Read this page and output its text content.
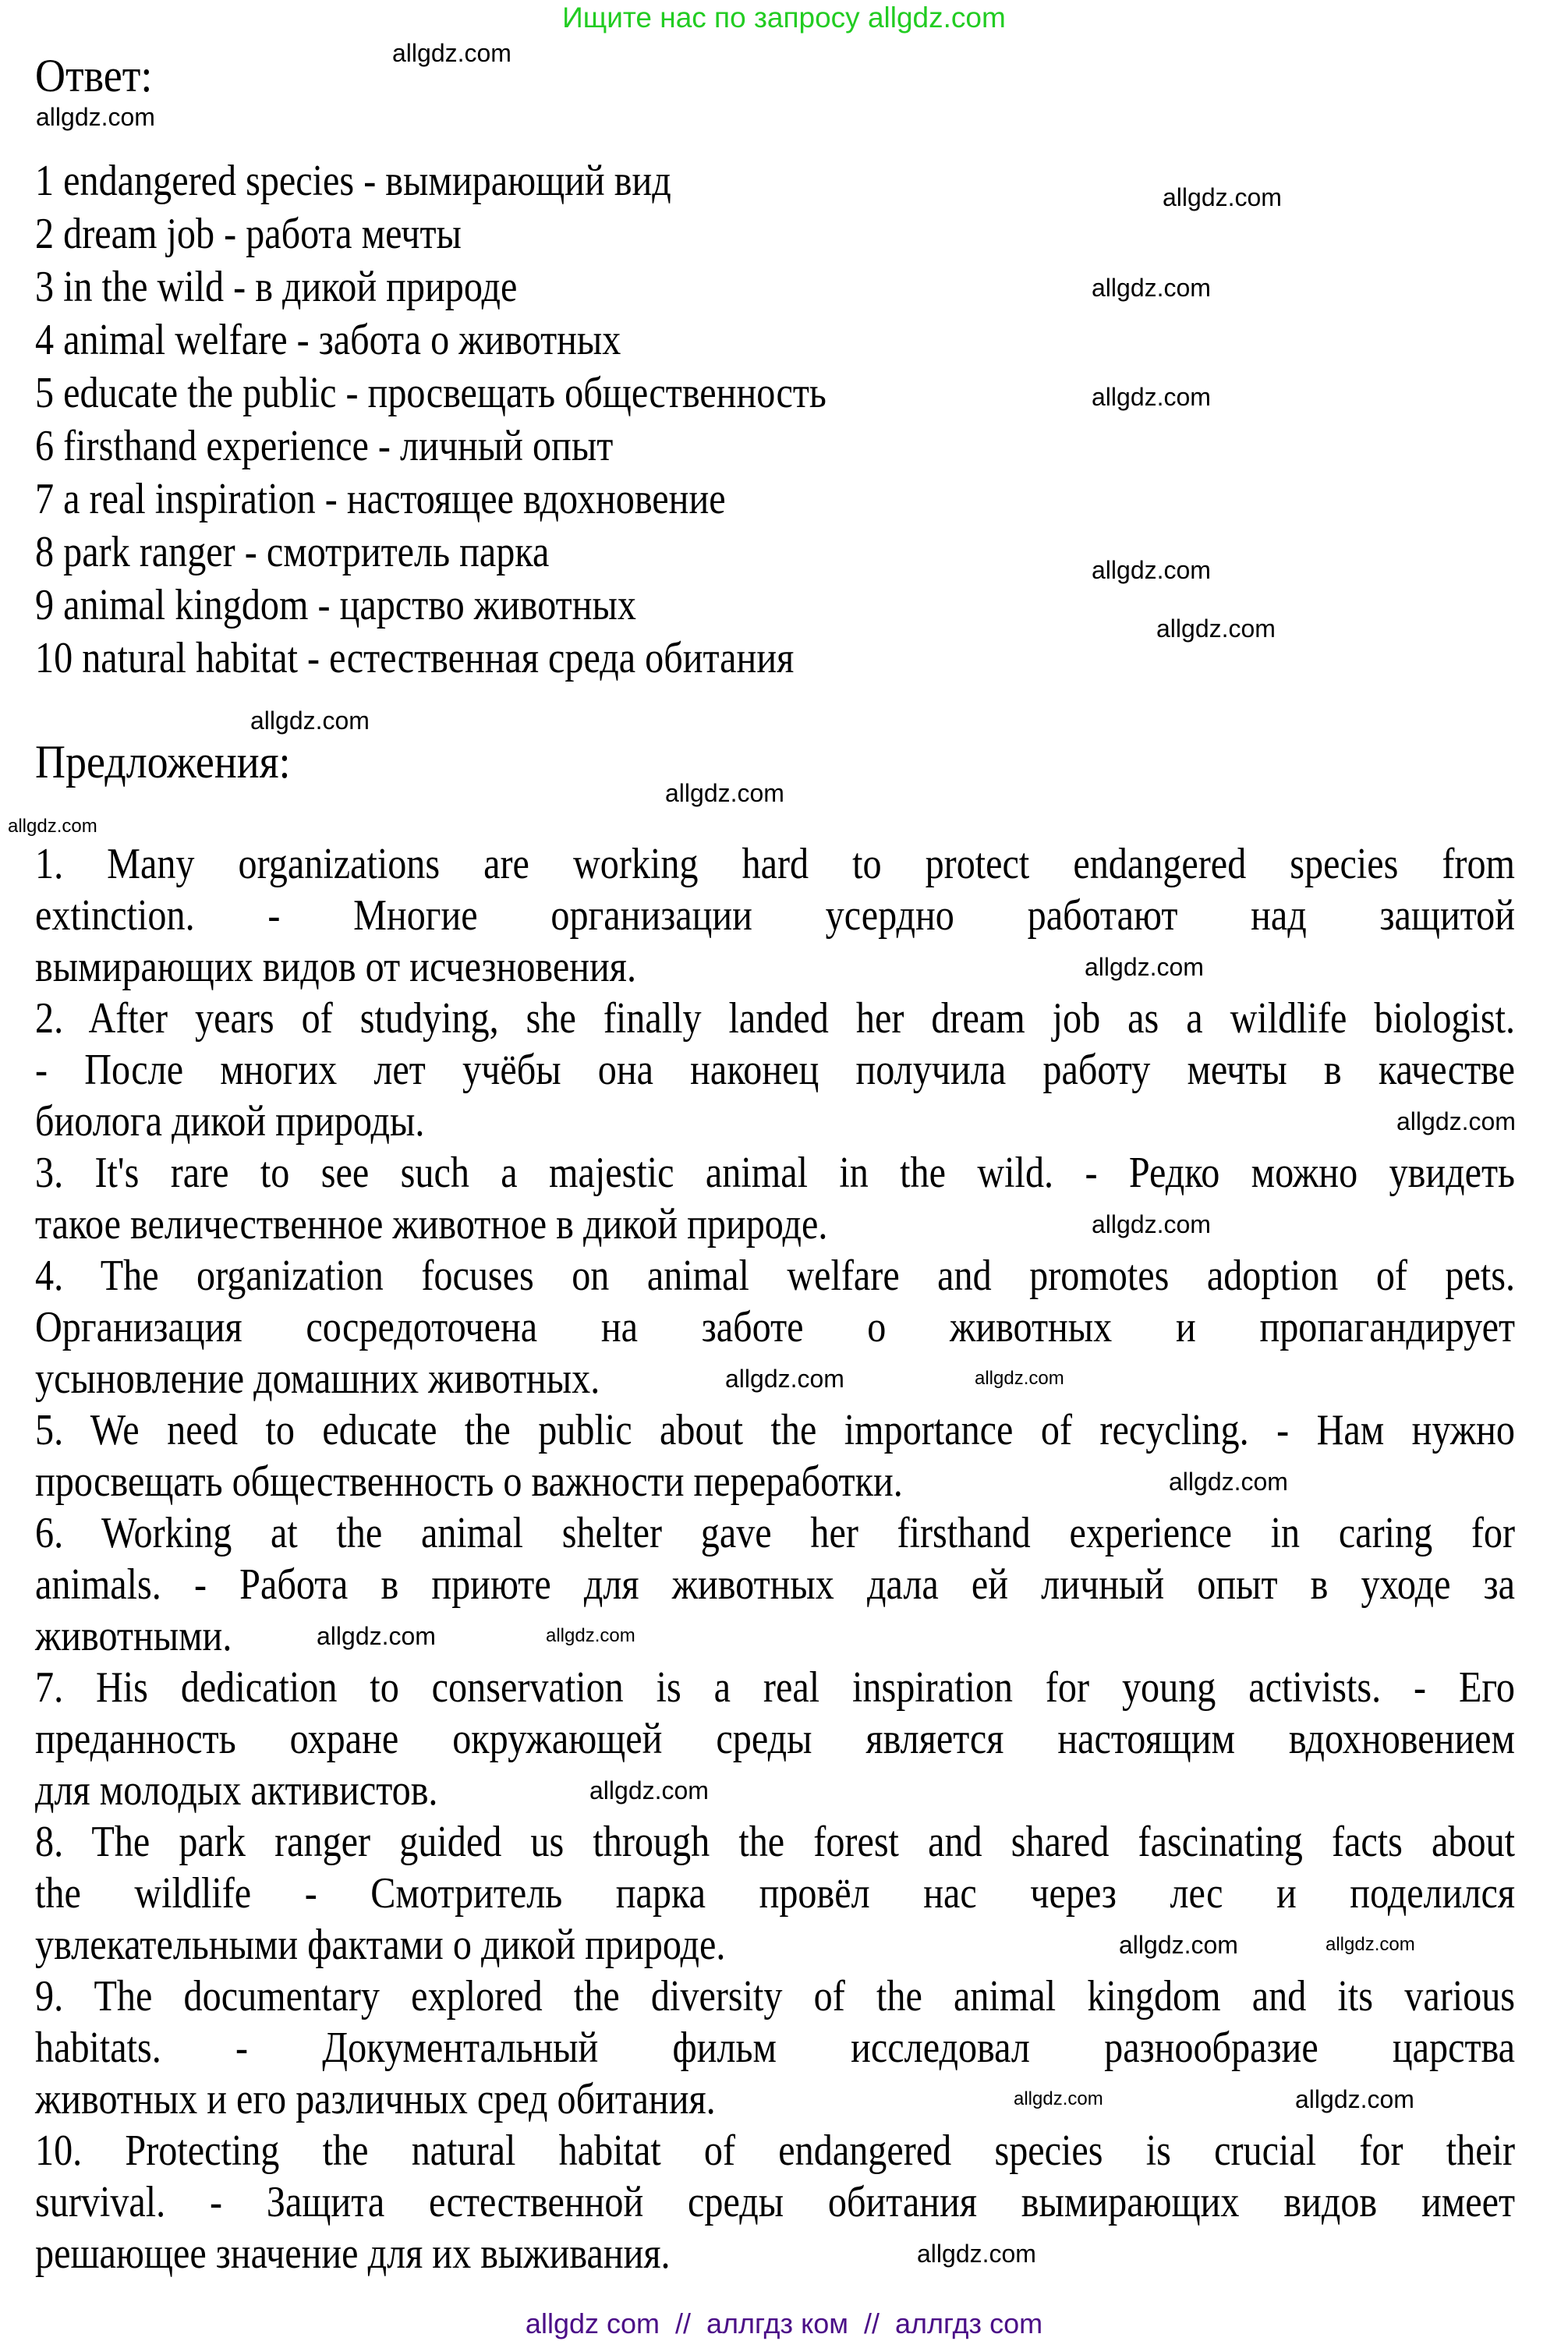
Ищите нас по запросу allgdz.com
Ответ:
1 endangered species - вымирающий вид
2 dream job - работа мечты
3 in the wild - в дикой природе
4 animal welfare - забота о животных
5 educate the public - просвещать общественность
6 firsthand experience - личный опыт
7 a real inspiration - настоящее вдохновение
8 park ranger - смотритель парка
9 animal kingdom - царство животных
10 natural habitat - естественная среда обитания
Предложения:
1. Many organizations are working hard to protect endangered species from
extinction. - Многие организации усердно работают над защитой
вымирающих видов от исчезновения.
2. After years of studying, she finally landed her dream job as a wildlife biologist.
- После многих лет учёбы она наконец получила работу мечты в качестве
биолога дикой природы.
3. It's rare to see such a majestic animal in the wild. - Редко можно увидеть
такое величественное животное в дикой природе.
4. The organization focuses on animal welfare and promotes adoption of pets.
Организация сосредоточена на заботе о животных и пропагандирует
усыновление домашних животных.
5. We need to educate the public about the importance of recycling. - Нам нужно
просвещать общественность о важности переработки.
6. Working at the animal shelter gave her firsthand experience in caring for
animals. - Работа в приюте для животных дала ей личный опыт в уходе за
животными.
7. His dedication to conservation is a real inspiration for young activists. - Его
преданность охране окружающей среды является настоящим вдохновением
для молодых активистов.
8. The park ranger guided us through the forest and shared fascinating facts about
the wildlife - Смотритель парка провёл нас через лес и поделился
увлекательными фактами о дикой природе.
9. The documentary explored the diversity of the animal kingdom and its various
habitats. - Документальный фильм исследовал разнообразие царства
животных и его различных сред обитания.
10. Protecting the natural habitat of endangered species is crucial for their
survival. - Защита естественной среды обитания вымирающих видов имеет
решающее значение для их выживания.
allgdz.com
allgdz.com
allgdz.com
allgdz.com
allgdz.com
allgdz.com
allgdz.com
allgdz.com
allgdz.com
allgdz.com
allgdz.com
allgdz.com
allgdz.com
allgdz.com	allgdz.com
allgdz.com
allgdz.com	allgdz.com
allgdz.com
allgdz.com	allgdz.com
allgdz.com
allgdz.com
allgdz.com
allgdz com  //  аллгдз ком  //  аллгдз com
